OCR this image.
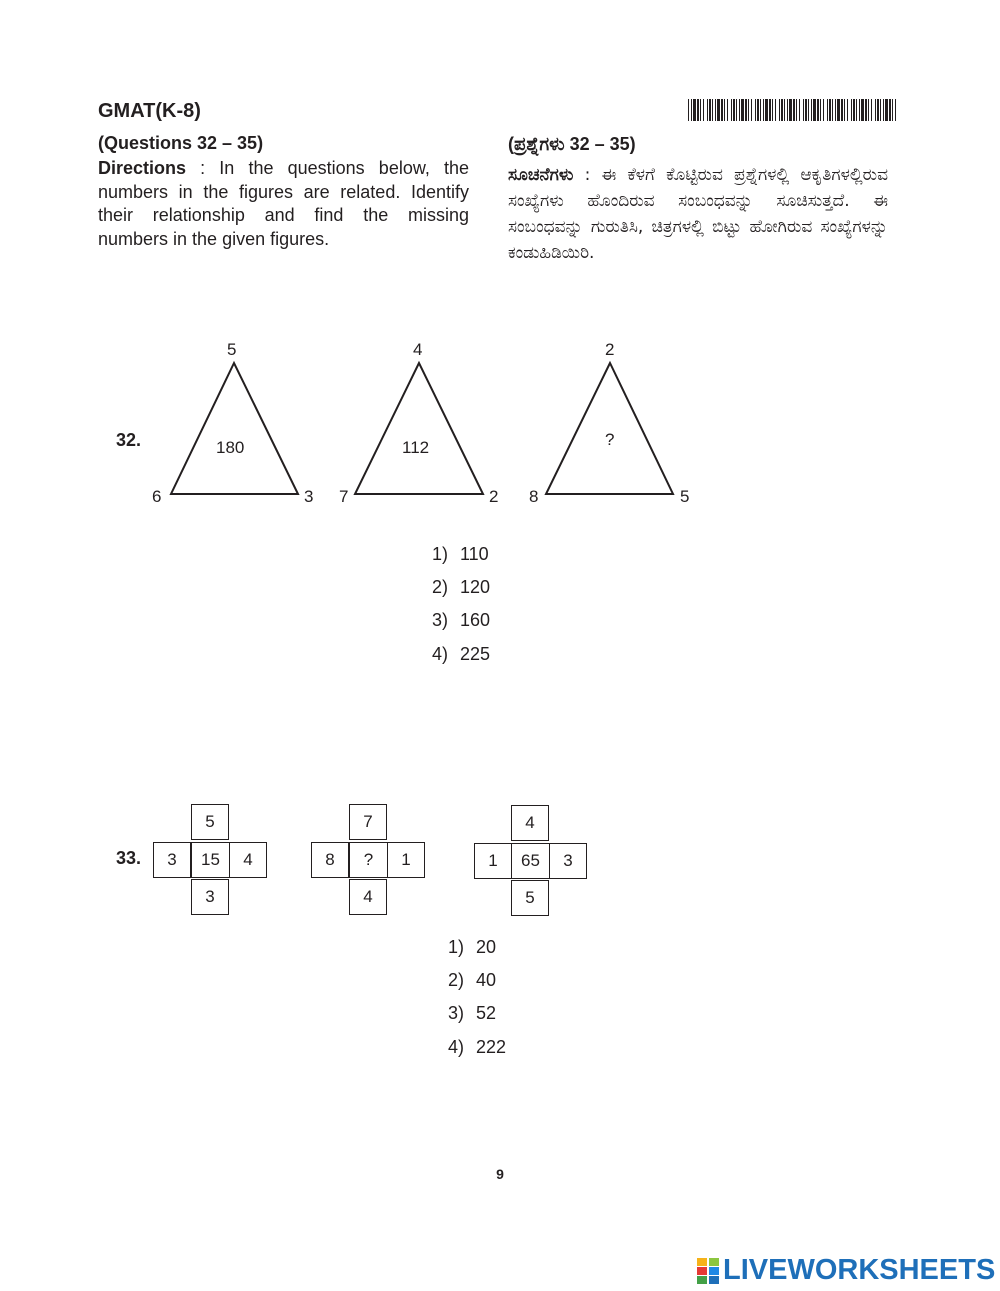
GMAT(K-8)
(Questions 32 – 35)
Directions : In the questions below, the numbers in the figures are related. Identify their relationship and find the missing numbers in the given figures.
(ಪ್ರಶ್ನೆಗಳು 32 – 35)
ಸೂಚನೆಗಳು : ಈ ಕೆಳಗೆ ಕೊಟ್ಟಿರುವ ಪ್ರಶ್ನೆಗಳಲ್ಲಿ ಆಕೃತಿಗಳಲ್ಲಿರುವ ಸಂಖ್ಯೆಗಳು ಹೊಂದಿರುವ ಸಂಬಂಧವನ್ನು ಸೂಚಿಸುತ್ತದೆ. ಈ ಸಂಬಂಧವನ್ನು ಗುರುತಿಸಿ, ಚಿತ್ರಗಳಲ್ಲಿ ಬಿಟ್ಟು ಹೋಗಿರುವ ಸಂಖ್ಯೆಗಳನ್ನು ಕಂಡುಹಿಡಿಯಿರಿ.
32.
5
6	3
180
4
7	2
112
2
8	5
?
1) 110
2) 120
3) 160
4) 225
33.
5
3	15	4
3
7
8	?	1
4
4
1	65	3
5
1) 20
2) 40
3) 52
4) 222
9
LIVEWORKSHEETS
